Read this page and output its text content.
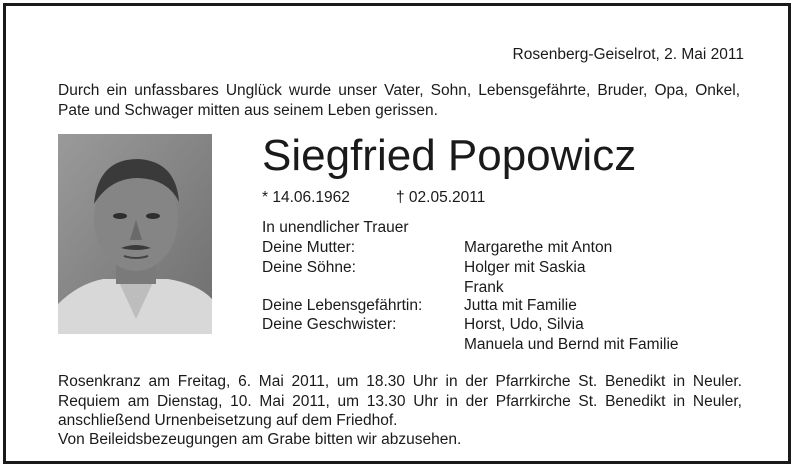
Rosenberg-Geiselrot, 2. Mai 2011
Durch ein unfassbares Unglück wurde unser Vater, Sohn, Lebensgefährte, Bruder, Opa, Onkel, Pate und Schwager mitten aus seinem Leben gerissen.
Siegfried Popowicz
* 14.06.1962	† 02.05.2011
In unendlicher Trauer
Deine Mutter:	Margarethe mit Anton
Deine Söhne:	Holger mit Saskia
Frank
Deine Lebensgefährtin:	Jutta mit Familie
Deine Geschwister:	Horst, Udo, Silvia
Manuela und Bernd mit Familie
Rosenkranz am Freitag, 6. Mai 2011, um 18.30 Uhr in der Pfarrkirche St. Benedikt in Neuler.
Requiem am Dienstag, 10. Mai 2011, um 13.30 Uhr in der Pfarrkirche St. Benedikt in Neuler,
anschließend Urnenbeisetzung auf dem Friedhof.
Von Beileidsbezeugungen am Grabe bitten wir abzusehen.
